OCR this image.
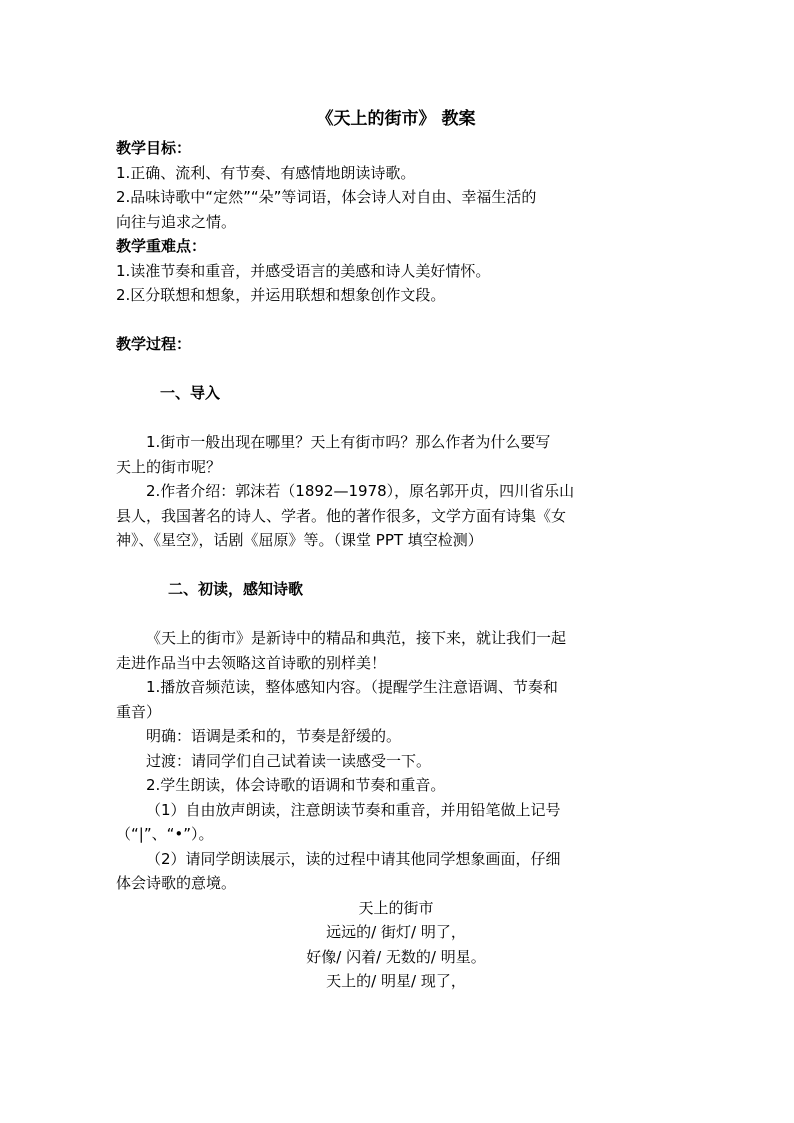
《天上的街市》 教案
教学目标：
1.正确、流利、有节奏、有感情地朗读诗歌。
2.品味诗歌中“定然”“朵”等词语，体会诗人对自由、幸福生活的
向往与追求之情。
教学重难点：
1.读准节奏和重音，并感受语言的美感和诗人美好情怀。
2.区分联想和想象，并运用联想和想象创作文段。
教学过程：
一、导入
1.街市一般出现在哪里？天上有街市吗？那么作者为什么要写
天上的街市呢？
2.作者介绍：郭沫若（1892—1978），原名郭开贞，四川省乐山
县人，我国著名的诗人、学者。他的著作很多，文学方面有诗集《女
神》、《星空》，话剧《屈原》等。（课堂 PPT 填空检测）
二、初读，感知诗歌
《天上的街市》是新诗中的精品和典范，接下来，就让我们一起
走进作品当中去领略这首诗歌的别样美！
1.播放音频范读，整体感知内容。（提醒学生注意语调、节奏和
重音）
明确：语调是柔和的，节奏是舒缓的。
过渡：请同学们自己试着读一读感受一下。
2.学生朗读，体会诗歌的语调和节奏和重音。
（1）自由放声朗读，注意朗读节奏和重音，并用铅笔做上记号
（“|”、“•”）。
（2）请同学朗读展示，读的过程中请其他同学想象画面，仔细
体会诗歌的意境。
天上的街市
远远的/ 街灯/ 明了，
好像/ 闪着/ 无数的/ 明星。
天上的/ 明星/ 现了，
